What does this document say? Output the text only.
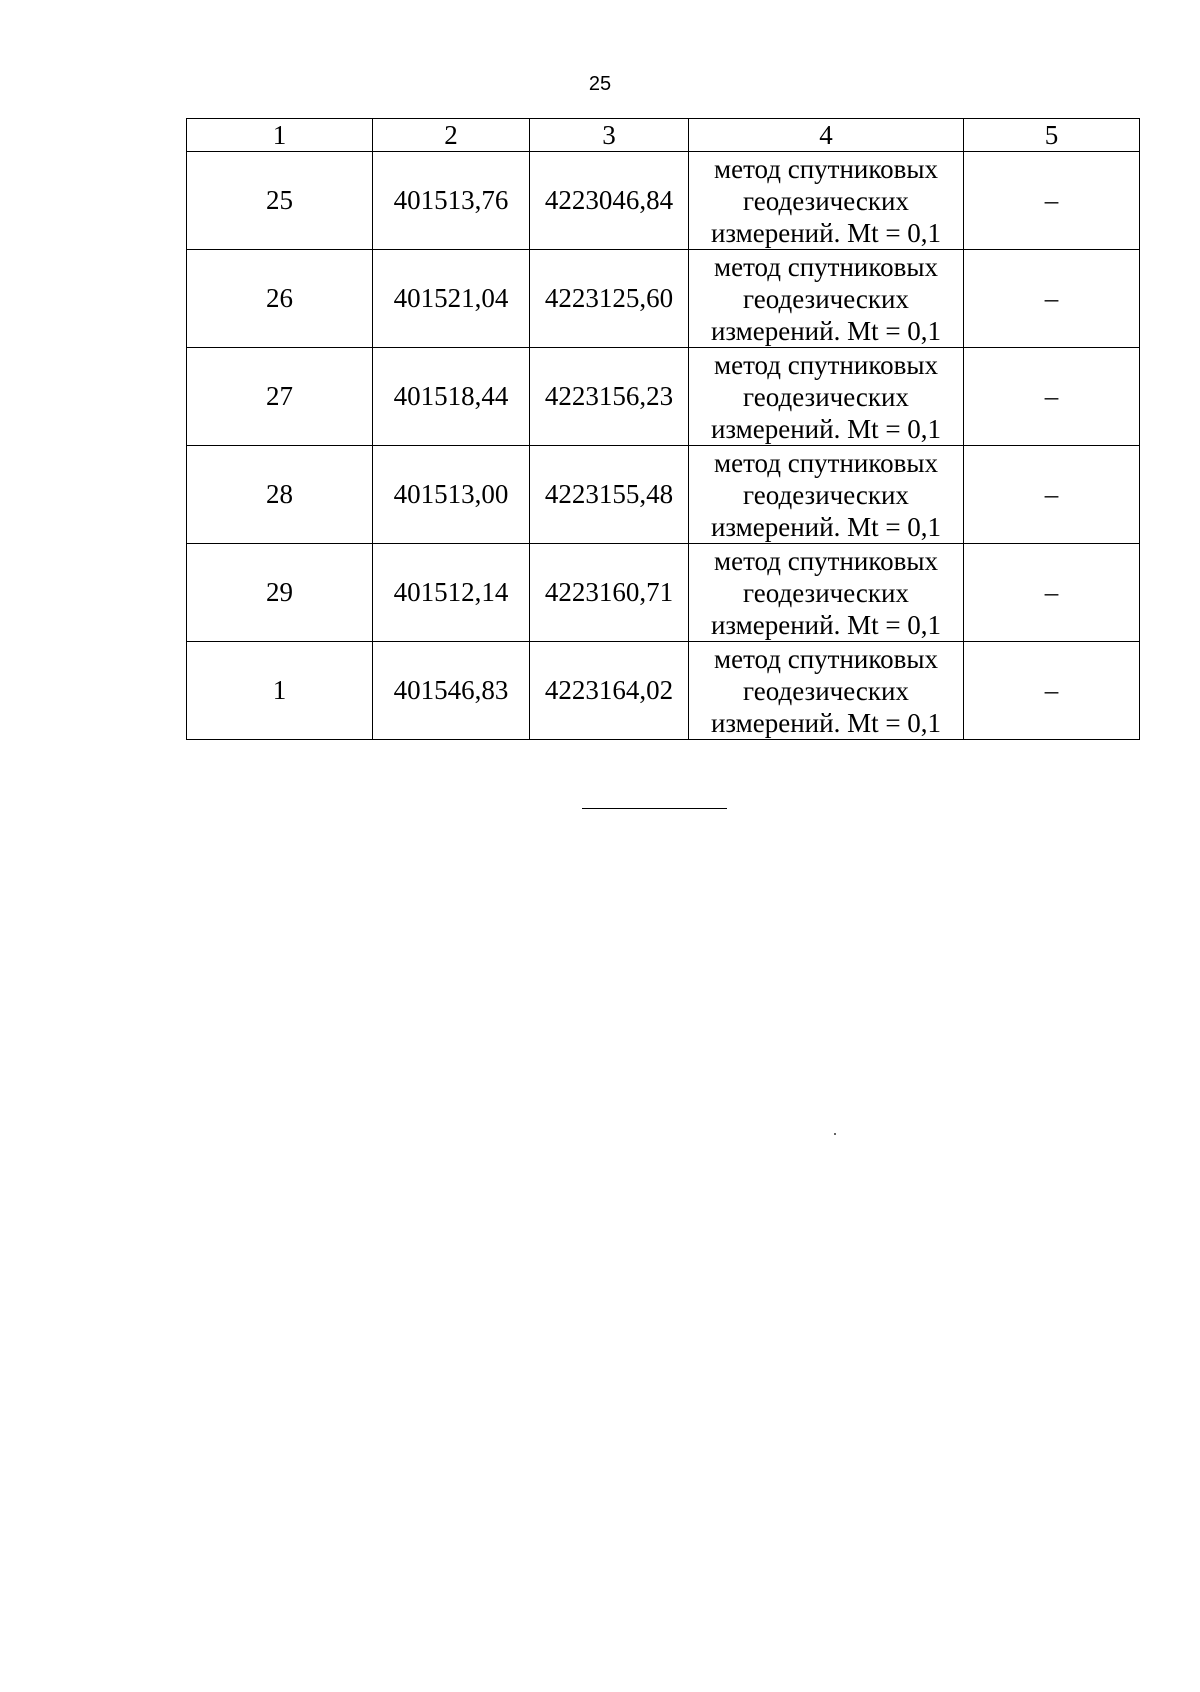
25
1	2	3	4	5
25	401513,76	4223046,84	метод спутниковых геодезических измерений. Mt = 0,1	–
26	401521,04	4223125,60	метод спутниковых геодезических измерений. Mt = 0,1	–
27	401518,44	4223156,23	метод спутниковых геодезических измерений. Mt = 0,1	–
28	401513,00	4223155,48	метод спутниковых геодезических измерений. Mt = 0,1	–
29	401512,14	4223160,71	метод спутниковых геодезических измерений. Mt = 0,1	–
1	401546,83	4223164,02	метод спутниковых геодезических измерений. Mt = 0,1	–
